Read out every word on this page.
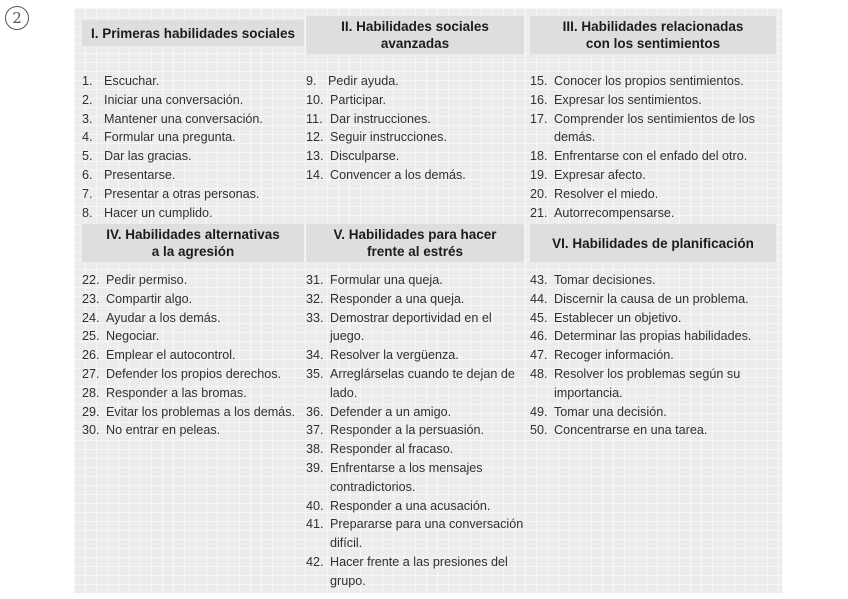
2
I. Primeras habilidades sociales
1. Escuchar.
2. Iniciar una conversación.
3. Mantener una conversación.
4. Formular una pregunta.
5. Dar las gracias.
6. Presentarse.
7. Presentar a otras personas.
8. Hacer un cumplido.
II. Habilidades sociales
avanzadas
9. Pedir ayuda.
10. Participar.
11. Dar instrucciones.
12. Seguir instrucciones.
13. Disculparse.
14. Convencer a los demás.
III. Habilidades relacionadas
con los sentimientos
15. Conocer los propios sentimientos.
16. Expresar los sentimientos.
17. Comprender los sentimientos de los demás.
18. Enfrentarse con el enfado del otro.
19. Expresar afecto.
20. Resolver el miedo.
21. Autorrecompensarse.
IV. Habilidades alternativas
a la agresión
22. Pedir permiso.
23. Compartir algo.
24. Ayudar a los demás.
25. Negociar.
26. Emplear el autocontrol.
27. Defender los propios derechos.
28. Responder a las bromas.
29. Evitar los problemas a los demás.
30. No entrar en peleas.
V. Habilidades para hacer
frente al estrés
31. Formular una queja.
32. Responder a una queja.
33. Demostrar deportividad en el juego.
34. Resolver la vergüenza.
35. Arreglárselas cuando te dejan de lado.
36. Defender a un amigo.
37. Responder a la persuasión.
38. Responder al fracaso.
39. Enfrentarse a los mensajes contradictorios.
40. Responder a una acusación.
41. Prepararse para una conversación difícil.
42. Hacer frente a las presiones del grupo.
VI. Habilidades de planificación
43. Tomar decisiones.
44. Discernir la causa de un problema.
45. Establecer un objetivo.
46. Determinar las propias habilidades.
47. Recoger información.
48. Resolver los problemas según su importancia.
49. Tomar una decisión.
50. Concentrarse en una tarea.
